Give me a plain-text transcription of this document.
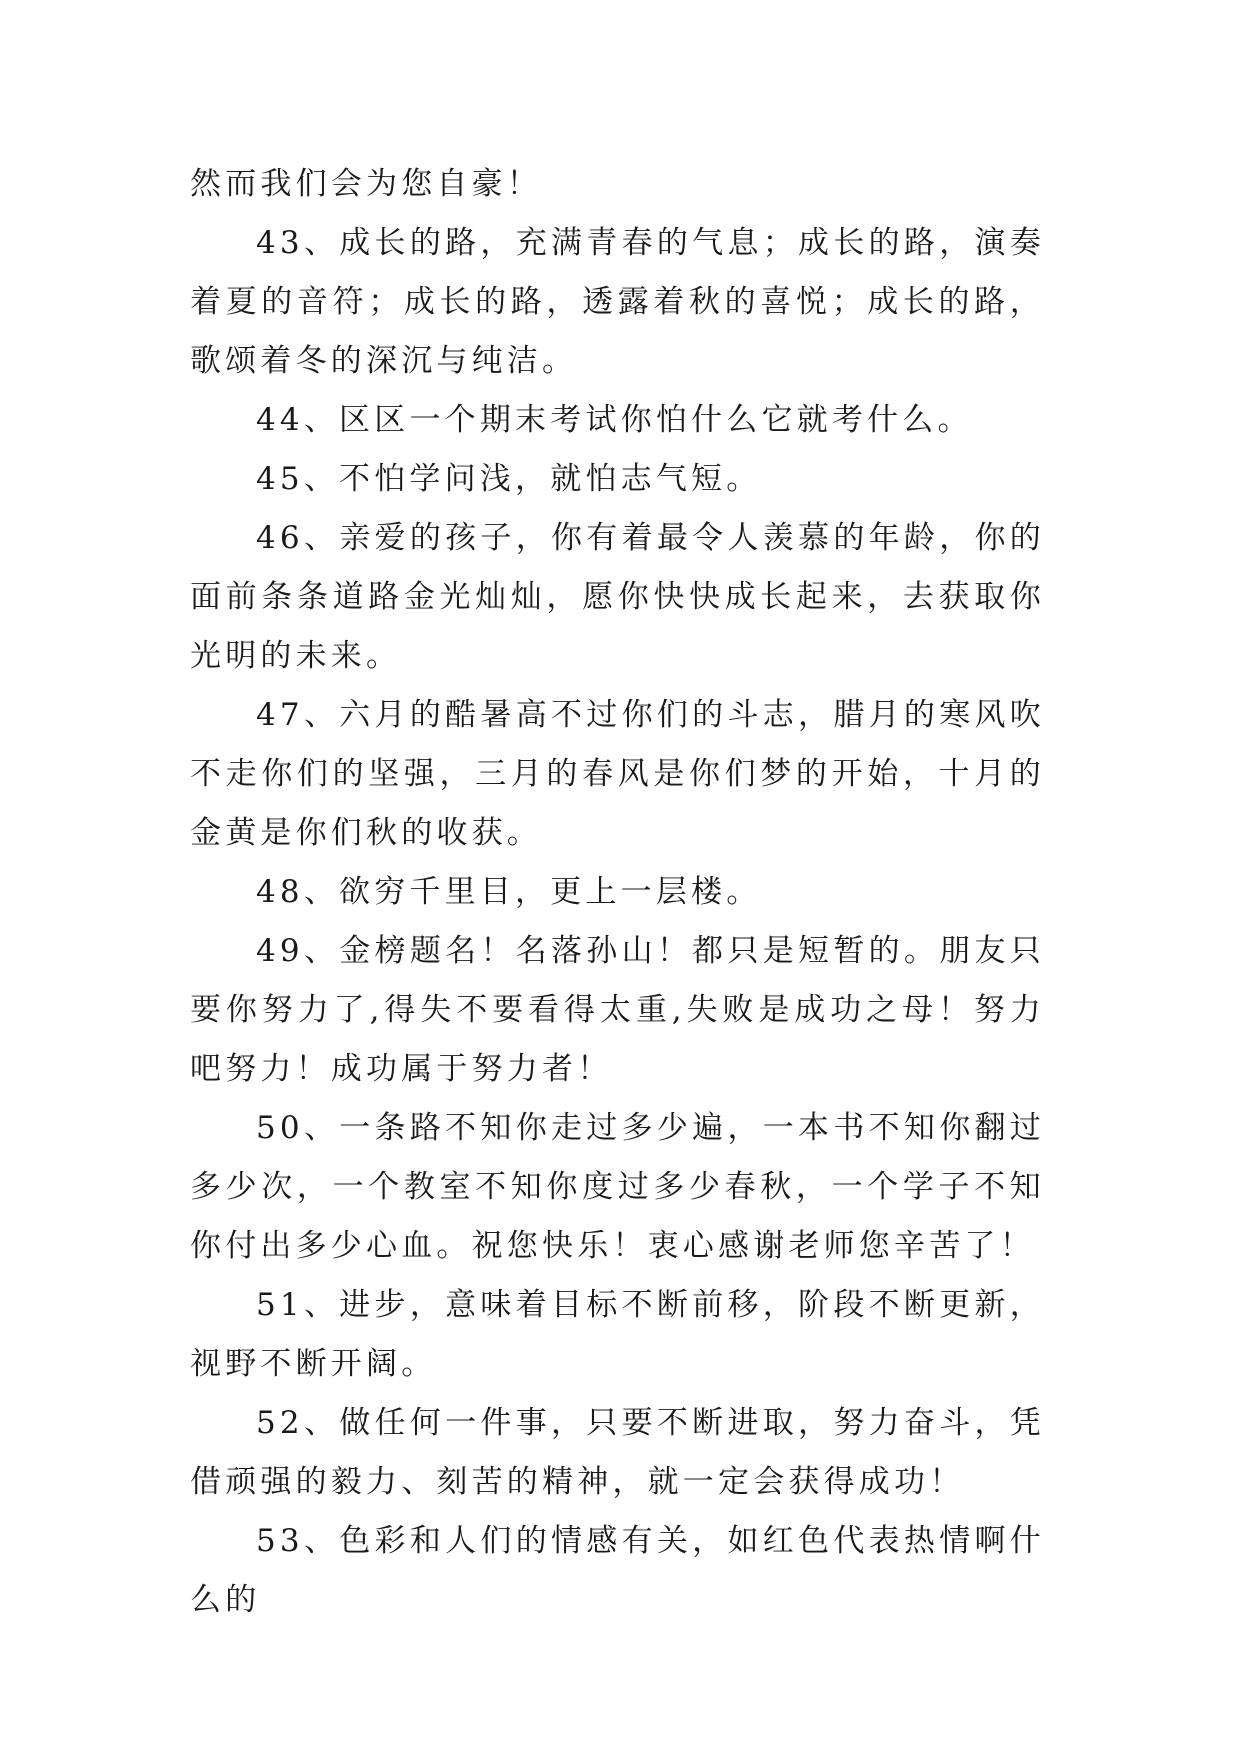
然而我们会为您自豪！

43、成长的路，充满青春的气息；成长的路，演奏着夏的音符；成长的路，透露着秋的喜悦；成长的路，歌颂着冬的深沉与纯洁。

44、区区一个期末考试你怕什么它就考什么。

45、不怕学问浅，就怕志气短。

46、亲爱的孩子，你有着最令人羡慕的年龄，你的面前条条道路金光灿灿，愿你快快成长起来，去获取你光明的未来。

47、六月的酷暑高不过你们的斗志，腊月的寒风吹不走你们的坚强，三月的春风是你们梦的开始，十月的金黄是你们秋的收获。

48、欲穷千里目，更上一层楼。

49、金榜题名！名落孙山！都只是短暂的。朋友只要你努力了,得失不要看得太重,失败是成功之母！努力吧努力！成功属于努力者！

50、一条路不知你走过多少遍，一本书不知你翻过多少次，一个教室不知你度过多少春秋，一个学子不知你付出多少心血。祝您快乐！衷心感谢老师您辛苦了！

51、进步，意味着目标不断前移，阶段不断更新，视野不断开阔。

52、做任何一件事，只要不断进取，努力奋斗，凭借顽强的毅力、刻苦的精神，就一定会获得成功！

53、色彩和人们的情感有关，如红色代表热情啊什么的
